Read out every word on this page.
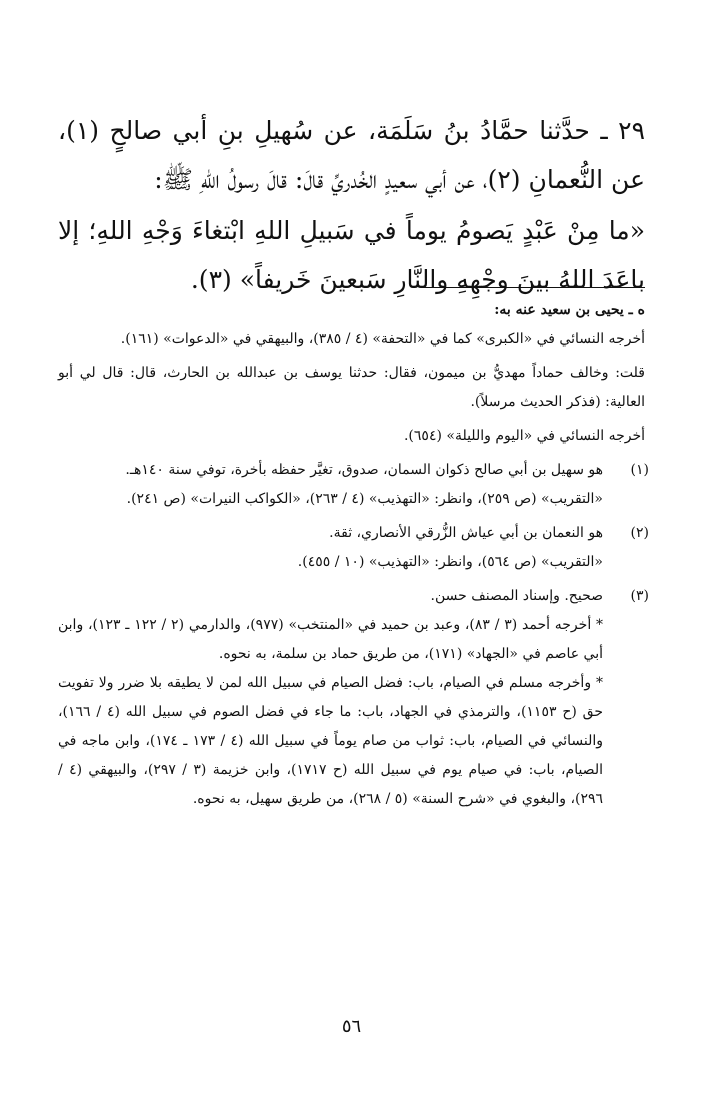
٢٩ ـ حدَّثنا حمَّادُ بنُ سَلَمَة، عن سُهيلِ بنِ أبي صالحٍ (١)، عن النُّعمانِ (٢)، عن أبي سعيدٍ الخُدريِّ قالَ: قالَ رسولُ اللهِ ﷺ:

«ما مِنْ عَبْدٍ يَصومُ يوماً في سَبيلِ اللهِ ابْتغاءَ وَجْهِ اللهِ؛ إلا باعَدَ اللهُ بينَ وجْهِهِ والنَّارِ سَبعينَ خَريفاً» (٣).

ه ـ يحيى بن سعيد عنه به:

أخرجه النسائي في «الكبرى» كما في «التحفة» (٤ / ٣٨٥)، والبيهقي في «الدعوات» (١٦١).

قلت: وخالف حماداً مهديُّ بن ميمون، فقال: حدثنا يوسف بن عبدالله بن الحارث، قال: قال لي أبو العالية: (فذكر الحديث مرسلاً).

أخرجه النسائي في «اليوم والليلة» (٦٥٤).

(١)

هو سهيل بن أبي صالح ذكوان السمان، صدوق، تغيَّر حفظه بأخرة، توفي سنة ١٤٠هـ.

«التقريب» (ص ٢٥٩)، وانظر: «التهذيب» (٤ / ٢٦٣)، «الكواكب النيرات» (ص ٢٤١).

(٢)

هو النعمان بن أبي عياش الزُّرقي الأنصاري، ثقة.

«التقريب» (ص ٥٦٤)، وانظر: «التهذيب» (١٠ / ٤٥٥).

(٣)

صحيح. وإسناد المصنف حسن.

* أخرجه أحمد (٣ / ٨٣)، وعبد بن حميد في «المنتخب» (٩٧٧)، والدارمي (٢ / ١٢٢ ـ ١٢٣)، وابن أبي عاصم في «الجهاد» (١٧١)، من طريق حماد بن سلمة، به نحوه.

* وأخرجه مسلم في الصيام، باب: فضل الصيام في سبيل الله لمن لا يطيقه بلا ضرر ولا تفويت حق (ح ١١٥٣)، والترمذي في الجهاد، باب: ما جاء في فضل الصوم في سبيل الله (٤ / ١٦٦)، والنسائي في الصيام، باب: ثواب من صام يوماً في سبيل الله (٤ / ١٧٣ ـ ١٧٤)، وابن ماجه في الصيام، باب: في صيام يوم في سبيل الله (ح ١٧١٧)، وابن خزيمة (٣ / ٢٩٧)، والبيهقي (٤ / ٢٩٦)، والبغوي في «شرح السنة» (٥ / ٢٦٨)، من طريق سهيل، به نحوه.

٥٦
